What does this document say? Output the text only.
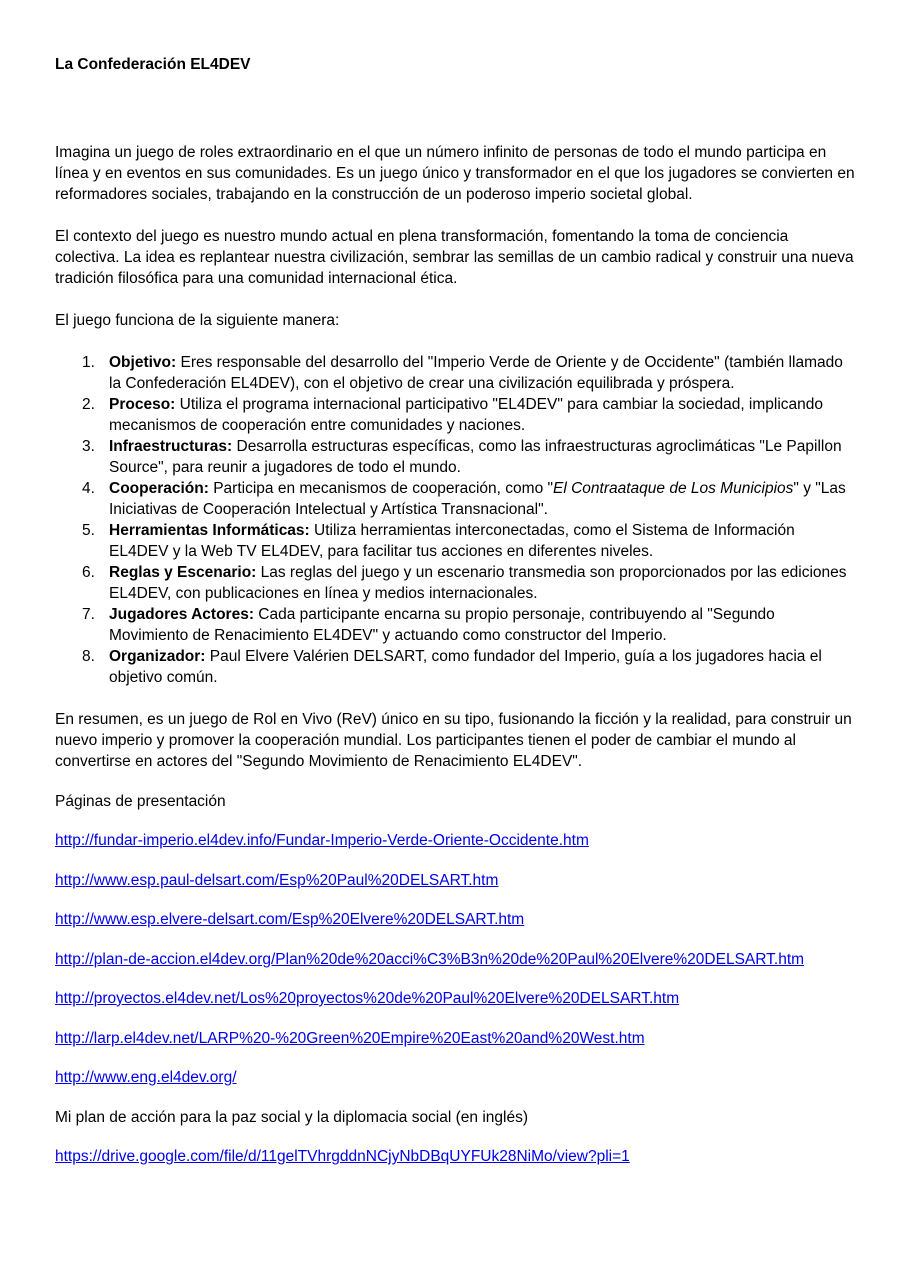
La Confederación EL4DEV

Imagina un juego de roles extraordinario en el que un número infinito de personas de todo el mundo participa en línea y en eventos en sus comunidades. Es un juego único y transformador en el que los jugadores se convierten en reformadores sociales, trabajando en la construcción de un poderoso imperio societal global.

El contexto del juego es nuestro mundo actual en plena transformación, fomentando la toma de conciencia colectiva. La idea es replantear nuestra civilización, sembrar las semillas de un cambio radical y construir una nueva tradición filosófica para una comunidad internacional ética.

El juego funciona de la siguiente manera:

1. Objetivo: Eres responsable del desarrollo del "Imperio Verde de Oriente y de Occidente" (también llamado la Confederación EL4DEV), con el objetivo de crear una civilización equilibrada y próspera.
2. Proceso: Utiliza el programa internacional participativo "EL4DEV" para cambiar la sociedad, implicando mecanismos de cooperación entre comunidades y naciones.
3. Infraestructuras: Desarrolla estructuras específicas, como las infraestructuras agroclimáticas "Le Papillon Source", para reunir a jugadores de todo el mundo.
4. Cooperación: Participa en mecanismos de cooperación, como "El Contraataque de Los Municipios" y "Las Iniciativas de Cooperación Intelectual y Artística Transnacional".
5. Herramientas Informáticas: Utiliza herramientas interconectadas, como el Sistema de Información EL4DEV y la Web TV EL4DEV, para facilitar tus acciones en diferentes niveles.
6. Reglas y Escenario: Las reglas del juego y un escenario transmedia son proporcionados por las ediciones EL4DEV, con publicaciones en línea y medios internacionales.
7. Jugadores Actores: Cada participante encarna su propio personaje, contribuyendo al "Segundo Movimiento de Renacimiento EL4DEV" y actuando como constructor del Imperio.
8. Organizador: Paul Elvere Valérien DELSART, como fundador del Imperio, guía a los jugadores hacia el objetivo común.

En resumen, es un juego de Rol en Vivo (ReV) único en su tipo, fusionando la ficción y la realidad, para construir un nuevo imperio y promover la cooperación mundial. Los participantes tienen el poder de cambiar el mundo al convertirse en actores del "Segundo Movimiento de Renacimiento EL4DEV".

Páginas de presentación

http://fundar-imperio.el4dev.info/Fundar-Imperio-Verde-Oriente-Occidente.htm
http://www.esp.paul-delsart.com/Esp%20Paul%20DELSART.htm
http://www.esp.elvere-delsart.com/Esp%20Elvere%20DELSART.htm
http://plan-de-accion.el4dev.org/Plan%20de%20acci%C3%B3n%20de%20Paul%20Elvere%20DELSART.htm
http://proyectos.el4dev.net/Los%20proyectos%20de%20Paul%20Elvere%20DELSART.htm
http://larp.el4dev.net/LARP%20-%20Green%20Empire%20East%20and%20West.htm
http://www.eng.el4dev.org/

Mi plan de acción para la paz social y la diplomacia social (en inglés)

https://drive.google.com/file/d/11gelTVhrgddnNCjyNbDBqUYFUk28NiMo/view?pli=1
